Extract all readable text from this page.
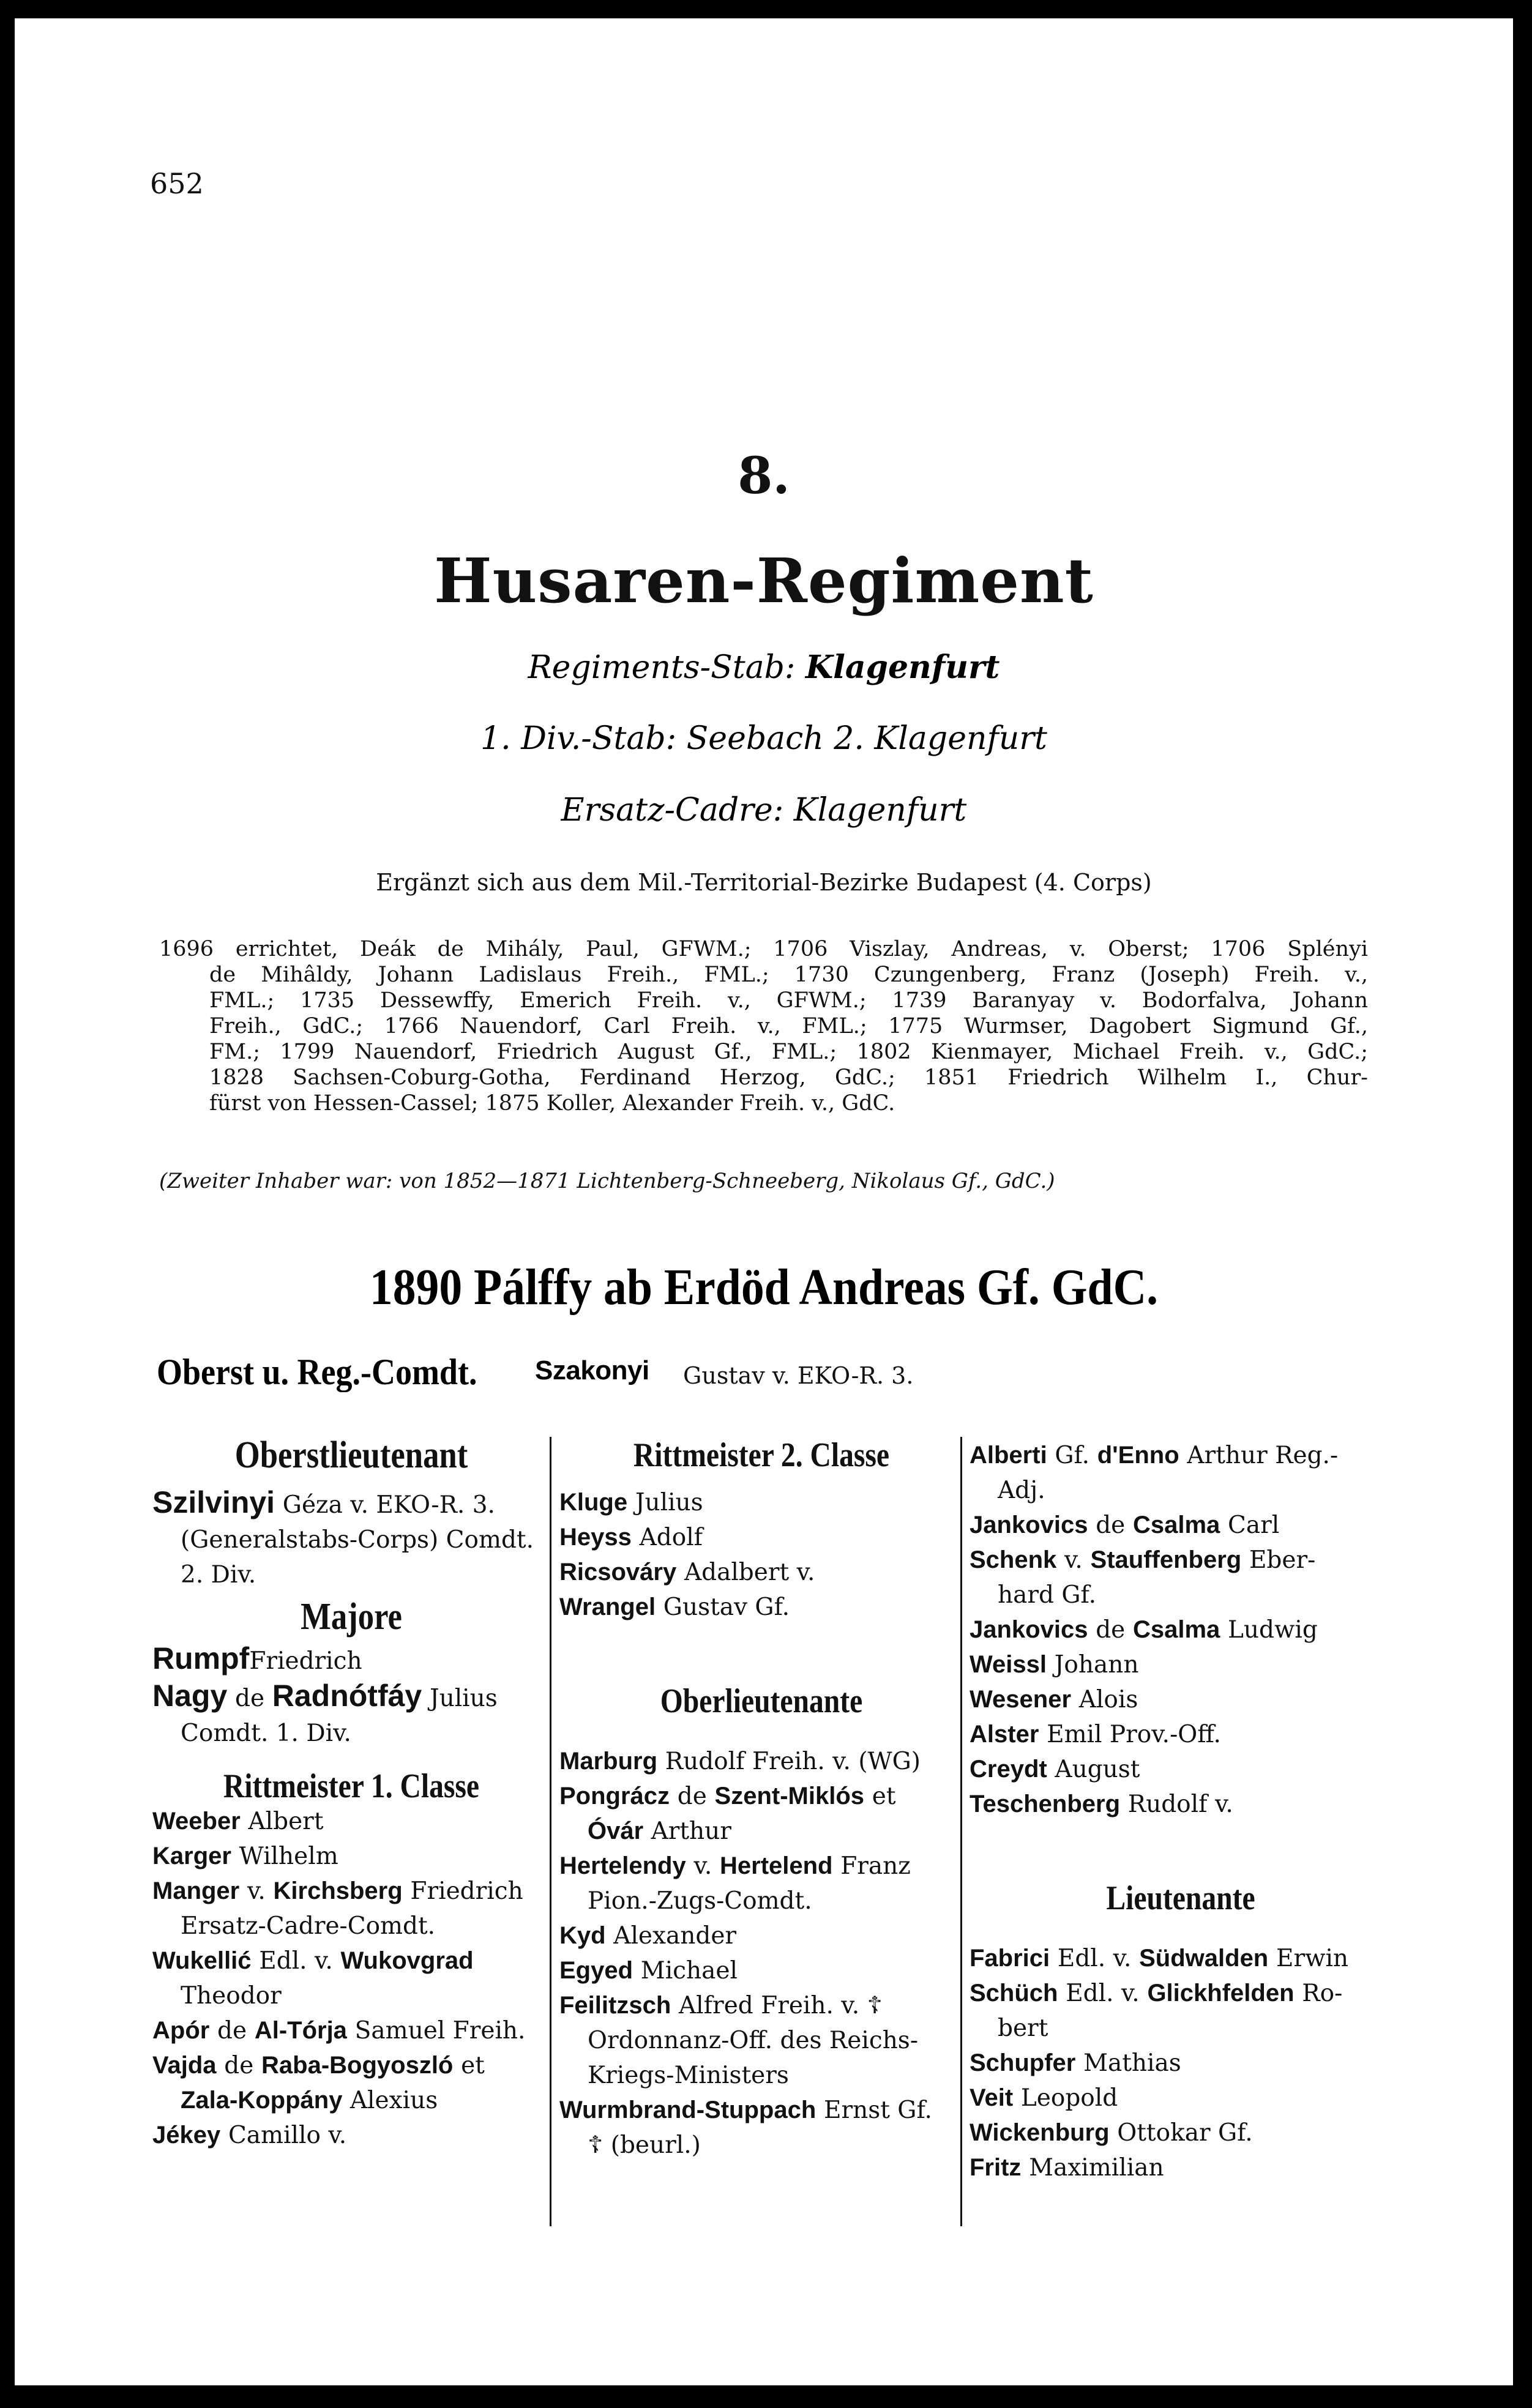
652
8.
Husaren-Regiment
Regiments-Stab: Klagenfurt
1. Div.-Stab: Seebach 2. Klagenfurt
Ersatz-Cadre: Klagenfurt
Ergänzt sich aus dem Mil.-Territorial-Bezirke Budapest (4. Corps)

1696 errichtet, Deák de Mihály, Paul, GFWM.; 1706 Viszlay, Andreas, v. Oberst; 1706 Splényi

de Mihâldy, Johann Ladislaus Freih., FML.; 1730 Czungenberg, Franz (Joseph) Freih. v.,

FML.; 1735 Dessewffy, Emerich Freih. v., GFWM.; 1739 Baranyay v. Bodorfalva, Johann

Freih., GdC.; 1766 Nauendorf, Carl Freih. v., FML.; 1775 Wurmser, Dagobert Sigmund Gf.,

FM.; 1799 Nauendorf, Friedrich August Gf., FML.; 1802 Kienmayer, Michael Freih. v., GdC.;

1828 Sachsen-Coburg-Gotha, Ferdinand Herzog, GdC.; 1851 Friedrich Wilhelm I., Chur-

fürst von Hessen-Cassel; 1875 Koller, Alexander Freih. v., GdC.

(Zweiter Inhaber war: von 1852—1871 Lichtenberg-Schneeberg, Nikolaus Gf., GdC.)
1890 Pálffy ab Erdöd Andreas Gf. GdC.
Oberst u. Reg.-Comdt. Szakonyi Gustav v. EKO-R. 3.
Oberstlieutenant
Szilvinyi Géza v. EKO-R. 3.
(Generalstabs-Corps) Comdt.
2. Div.
Majore
RumpfFriedrich
Nagy de Radnótfáy Julius
Comdt. 1. Div.
Rittmeister 1. Classe
Weeber Albert
Karger Wilhelm
Manger v. Kirchsberg Friedrich
Ersatz-Cadre-Comdt.
Wukellić Edl. v. Wukovgrad
Theodor
Apór de Al-Tórja Samuel Freih.
Vajda de Raba-Bogyoszló et
Zala-Koppány Alexius
Jékey Camillo v.
Rittmeister 2. Classe
Kluge Julius
Heyss Adolf
Ricsováry Adalbert v.
Wrangel Gustav Gf.
Oberlieutenante
Marburg Rudolf Freih. v. (WG)
Pongrácz de Szent-Miklós et
Óvár Arthur
Hertelendy v. Hertelend Franz
Pion.-Zugs-Comdt.
Kyd Alexander
Egyed Michael
Feilitzsch Alfred Freih. v. ☦
Ordonnanz-Off. des Reichs-
Kriegs-Ministers
Wurmbrand-Stuppach Ernst Gf.
☦ (beurl.)
Alberti Gf. d'Enno Arthur Reg.-
Adj.
Jankovics de Csalma Carl
Schenk v. Stauffenberg Eber-
hard Gf.
Jankovics de Csalma Ludwig
Weissl Johann
Wesener Alois
Alster Emil Prov.-Off.
Creydt August
Teschenberg Rudolf v.
Lieutenante
Fabrici Edl. v. Südwalden Erwin
Schüch Edl. v. Glickhfelden Ro-
bert
Schupfer Mathias
Veit Leopold
Wickenburg Ottokar Gf.
Fritz Maximilian
